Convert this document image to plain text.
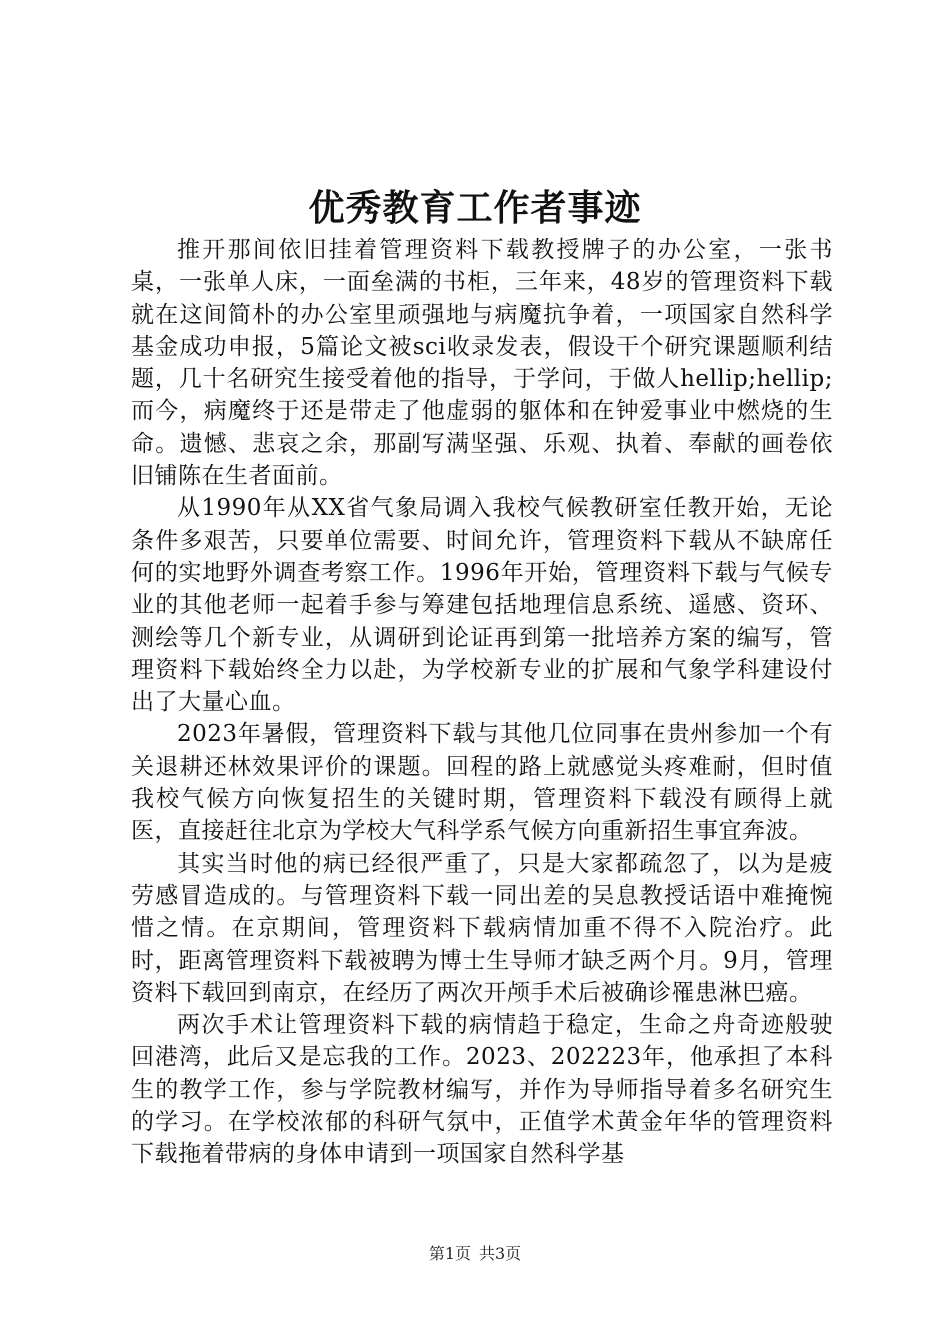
优秀教育工作者事迹

推开那间依旧挂着管理资料下载教授牌子的办公室，一张书桌，一张单人床，一面垒满的书柜，三年来，48岁的管理资料下载就在这间简朴的办公室里顽强地与病魔抗争着，一项国家自然科学基金成功申报，5篇论文被sci收录发表，假设干个研究课题顺利结题，几十名研究生接受着他的指导，于学问，于做人hellip;hellip;而今，病魔终于还是带走了他虚弱的躯体和在钟爱事业中燃烧的生命。遗憾、悲哀之余，那副写满坚强、乐观、执着、奉献的画卷依旧铺陈在生者面前。

从1990年从XX省气象局调入我校气候教研室任教开始，无论条件多艰苦，只要单位需要、时间允许，管理资料下载从不缺席任何的实地野外调查考察工作。1996年开始，管理资料下载与气候专业的其他老师一起着手参与筹建包括地理信息系统、遥感、资环、测绘等几个新专业，从调研到论证再到第一批培养方案的编写，管理资料下载始终全力以赴，为学校新专业的扩展和气象学科建设付出了大量心血。

2023年暑假，管理资料下载与其他几位同事在贵州参加一个有关退耕还林效果评价的课题。回程的路上就感觉头疼难耐，但时值我校气候方向恢复招生的关键时期，管理资料下载没有顾得上就医，直接赶往北京为学校大气科学系气候方向重新招生事宜奔波。

其实当时他的病已经很严重了，只是大家都疏忽了，以为是疲劳感冒造成的。与管理资料下载一同出差的吴息教授话语中难掩惋惜之情。在京期间，管理资料下载病情加重不得不入院治疗。此时，距离管理资料下载被聘为博士生导师才缺乏两个月。9月，管理资料下载回到南京，在经历了两次开颅手术后被确诊罹患淋巴癌。

两次手术让管理资料下载的病情趋于稳定，生命之舟奇迹般驶回港湾，此后又是忘我的工作。2023、202223年，他承担了本科生的教学工作，参与学院教材编写，并作为导师指导着多名研究生的学习。在学校浓郁的科研气氛中，正值学术黄金年华的管理资料下载拖着带病的身体申请到一项国家自然科学基

第1页 共3页
